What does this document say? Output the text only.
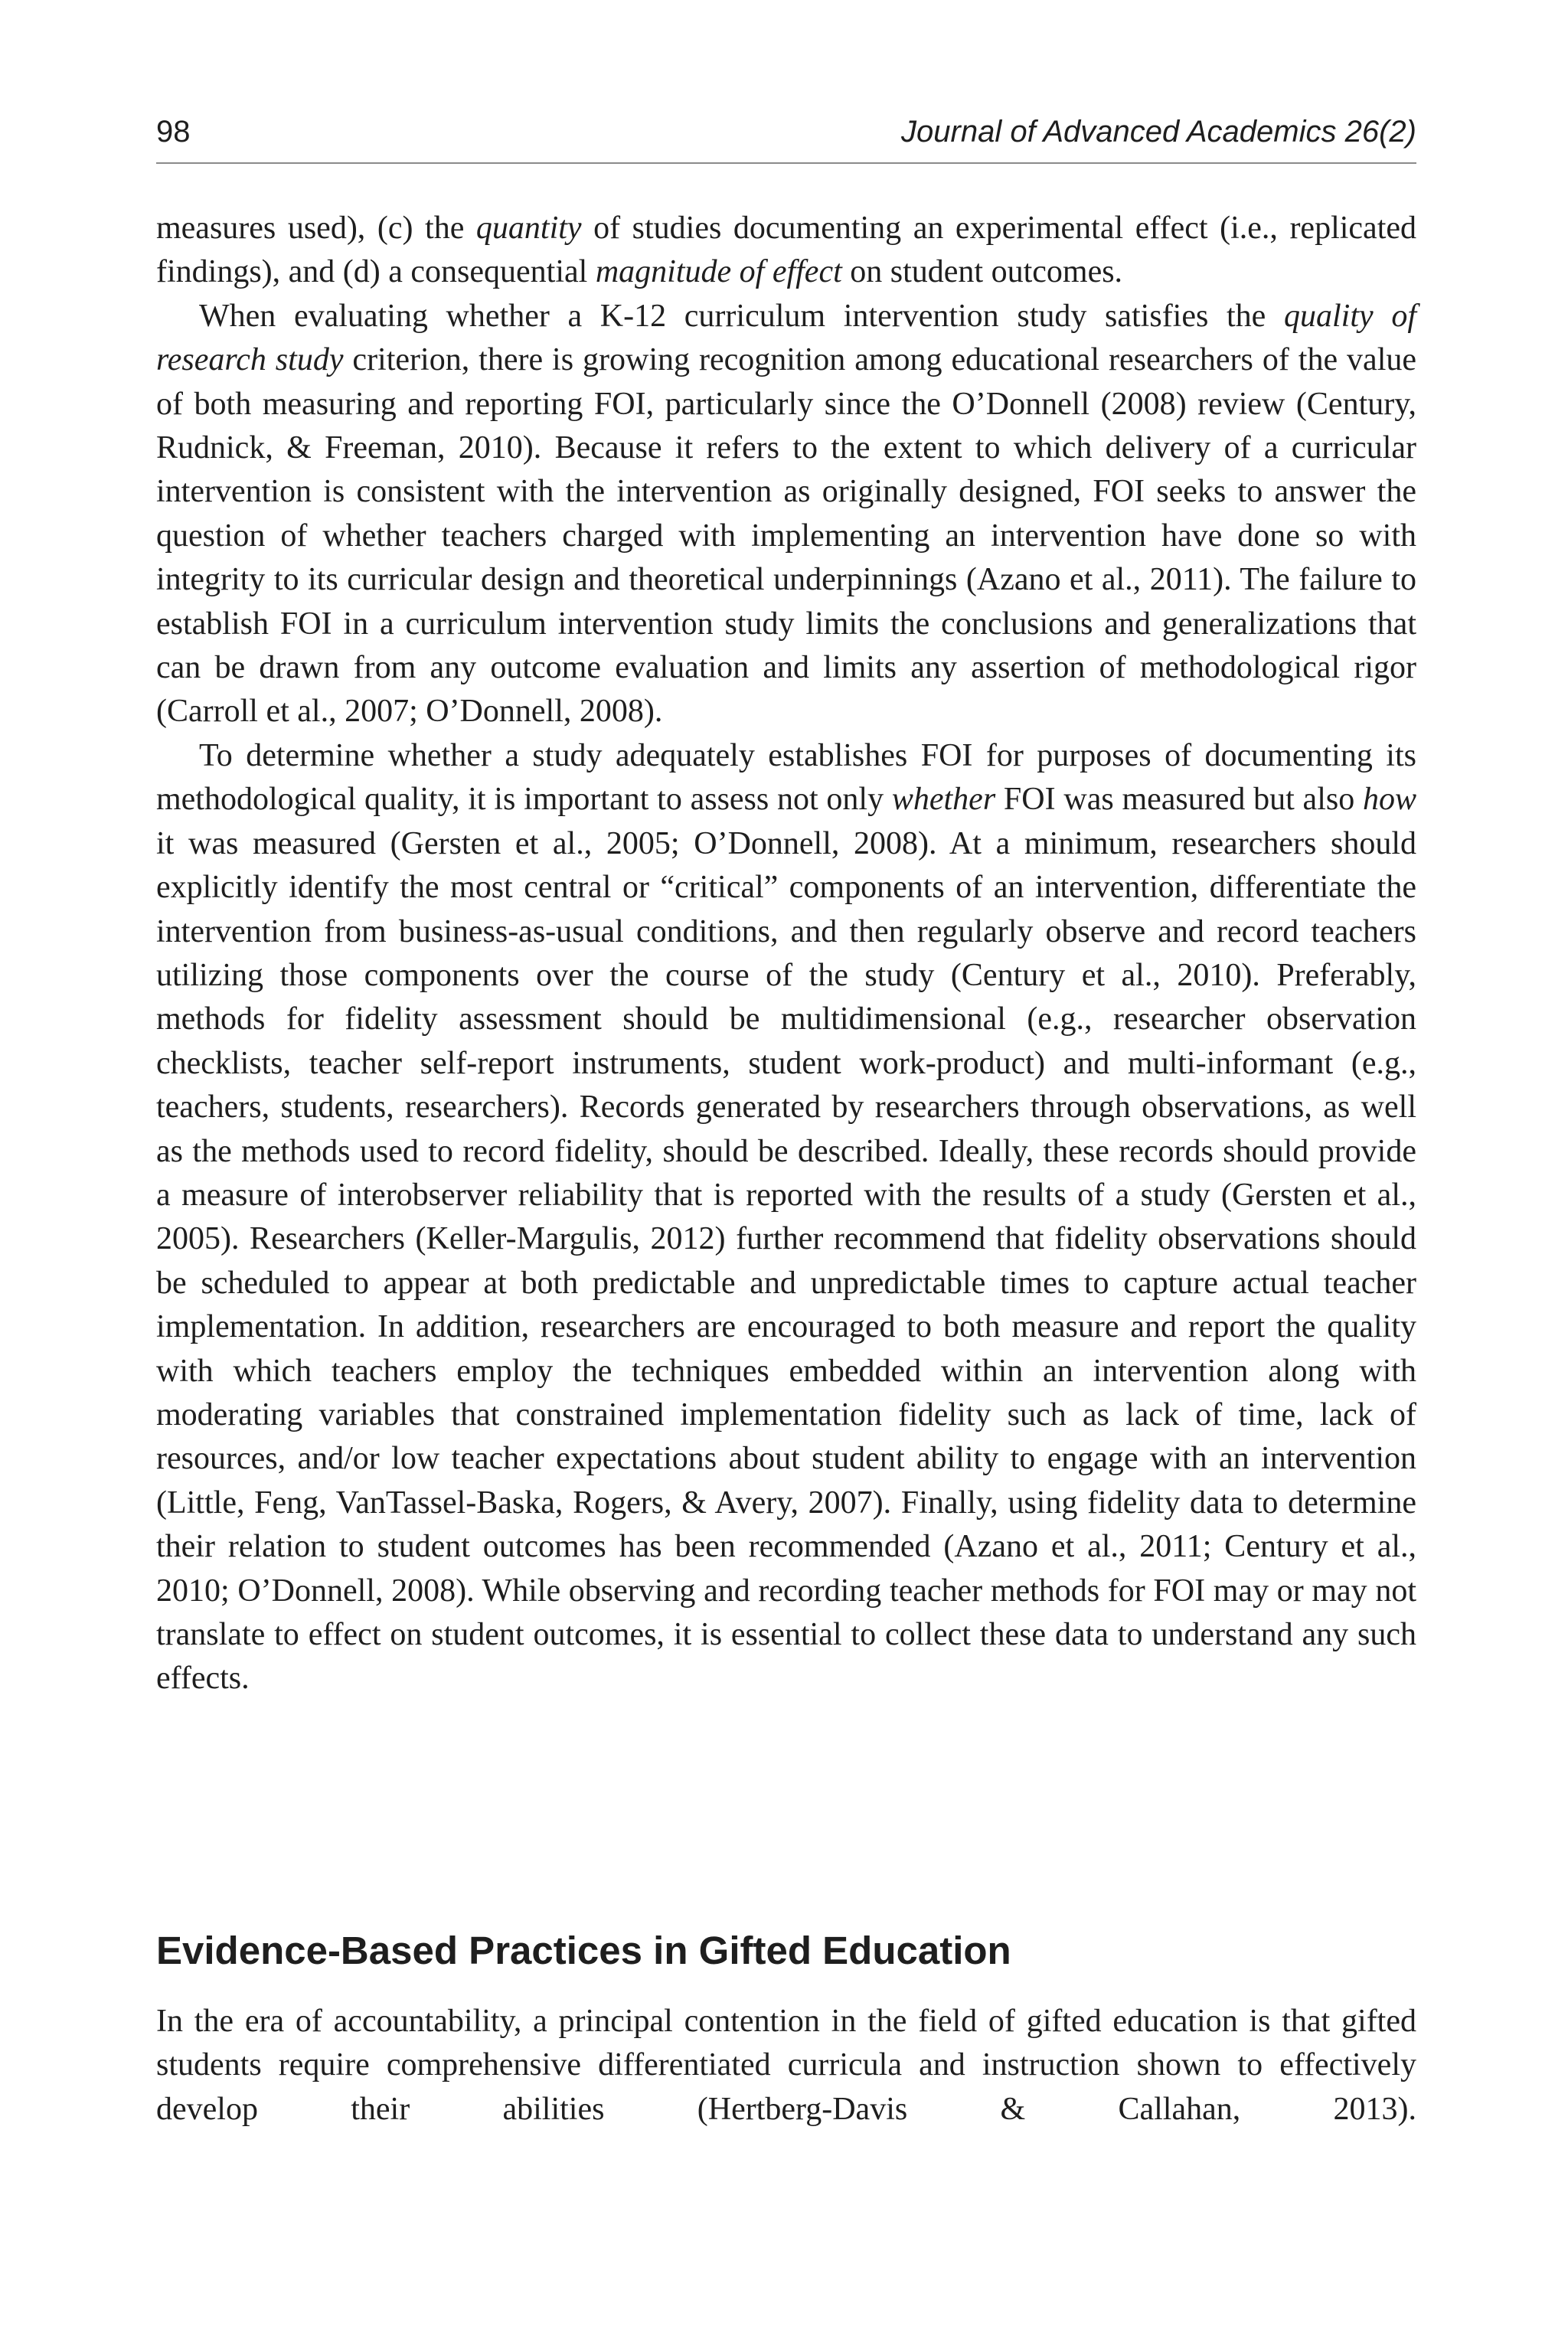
98	Journal of Advanced Academics 26(2)

measures used), (c) the quantity of studies documenting an experimental effect (i.e., replicated findings), and (d) a consequential magnitude of effect on student outcomes.

When evaluating whether a K-12 curriculum intervention study satisfies the quality of research study criterion, there is growing recognition among educational researchers of the value of both measuring and reporting FOI, particularly since the O’Donnell (2008) review (Century, Rudnick, & Freeman, 2010). Because it refers to the extent to which delivery of a curricular intervention is consistent with the intervention as originally designed, FOI seeks to answer the question of whether teachers charged with implementing an intervention have done so with integrity to its curricular design and theoretical underpinnings (Azano et al., 2011). The failure to establish FOI in a curriculum intervention study limits the conclusions and generalizations that can be drawn from any outcome evaluation and limits any assertion of methodological rigor (Carroll et al., 2007; O’Donnell, 2008).

To determine whether a study adequately establishes FOI for purposes of documenting its methodological quality, it is important to assess not only whether FOI was measured but also how it was measured (Gersten et al., 2005; O’Donnell, 2008). At a minimum, researchers should explicitly identify the most central or “critical” components of an intervention, differentiate the intervention from business-as-usual conditions, and then regularly observe and record teachers utilizing those components over the course of the study (Century et al., 2010). Preferably, methods for fidelity assessment should be multidimensional (e.g., researcher observation checklists, teacher self-report instruments, student work-product) and multi-informant (e.g., teachers, students, researchers). Records generated by researchers through observations, as well as the methods used to record fidelity, should be described. Ideally, these records should provide a measure of interobserver reliability that is reported with the results of a study (Gersten et al., 2005). Researchers (Keller-Margulis, 2012) further recommend that fidelity observations should be scheduled to appear at both predictable and unpredictable times to capture actual teacher implementation. In addition, researchers are encouraged to both measure and report the quality with which teachers employ the techniques embedded within an intervention along with moderating variables that constrained implementation fidelity such as lack of time, lack of resources, and/or low teacher expectations about student ability to engage with an intervention (Little, Feng, VanTassel-Baska, Rogers, & Avery, 2007). Finally, using fidelity data to determine their relation to student outcomes has been recommended (Azano et al., 2011; Century et al., 2010; O’Donnell, 2008). While observing and recording teacher methods for FOI may or may not translate to effect on student outcomes, it is essential to collect these data to understand any such effects.

Evidence-Based Practices in Gifted Education

In the era of accountability, a principal contention in the field of gifted education is that gifted students require comprehensive differentiated curricula and instruction shown to effectively develop their abilities (Hertberg-Davis & Callahan, 2013).
